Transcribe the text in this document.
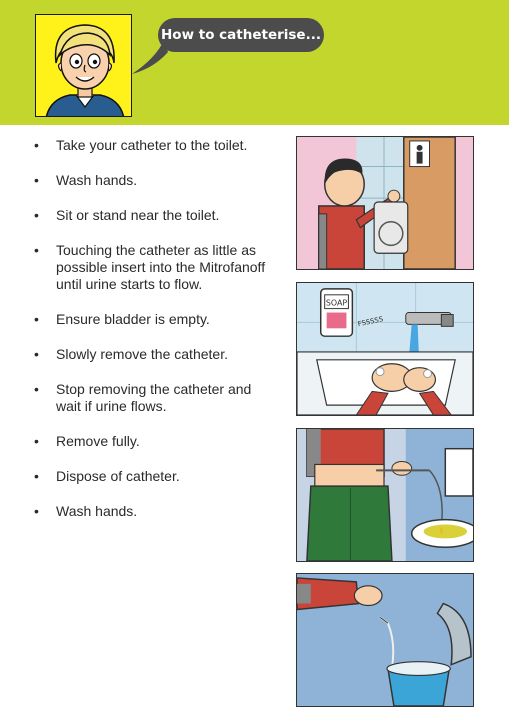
How to catheterise...
• Take your catheter to the toilet.
• Wash hands.
• Sit or stand near the toilet.
• Touching the catheter as little as possible insert into the Mitrofanoff until urine starts to flow.
• Ensure bladder is empty.
• Slowly remove the catheter.
• Stop removing the catheter and wait if urine flows.
• Remove fully.
• Dispose of catheter.
• Wash hands.
SOAP
FSSSSS
